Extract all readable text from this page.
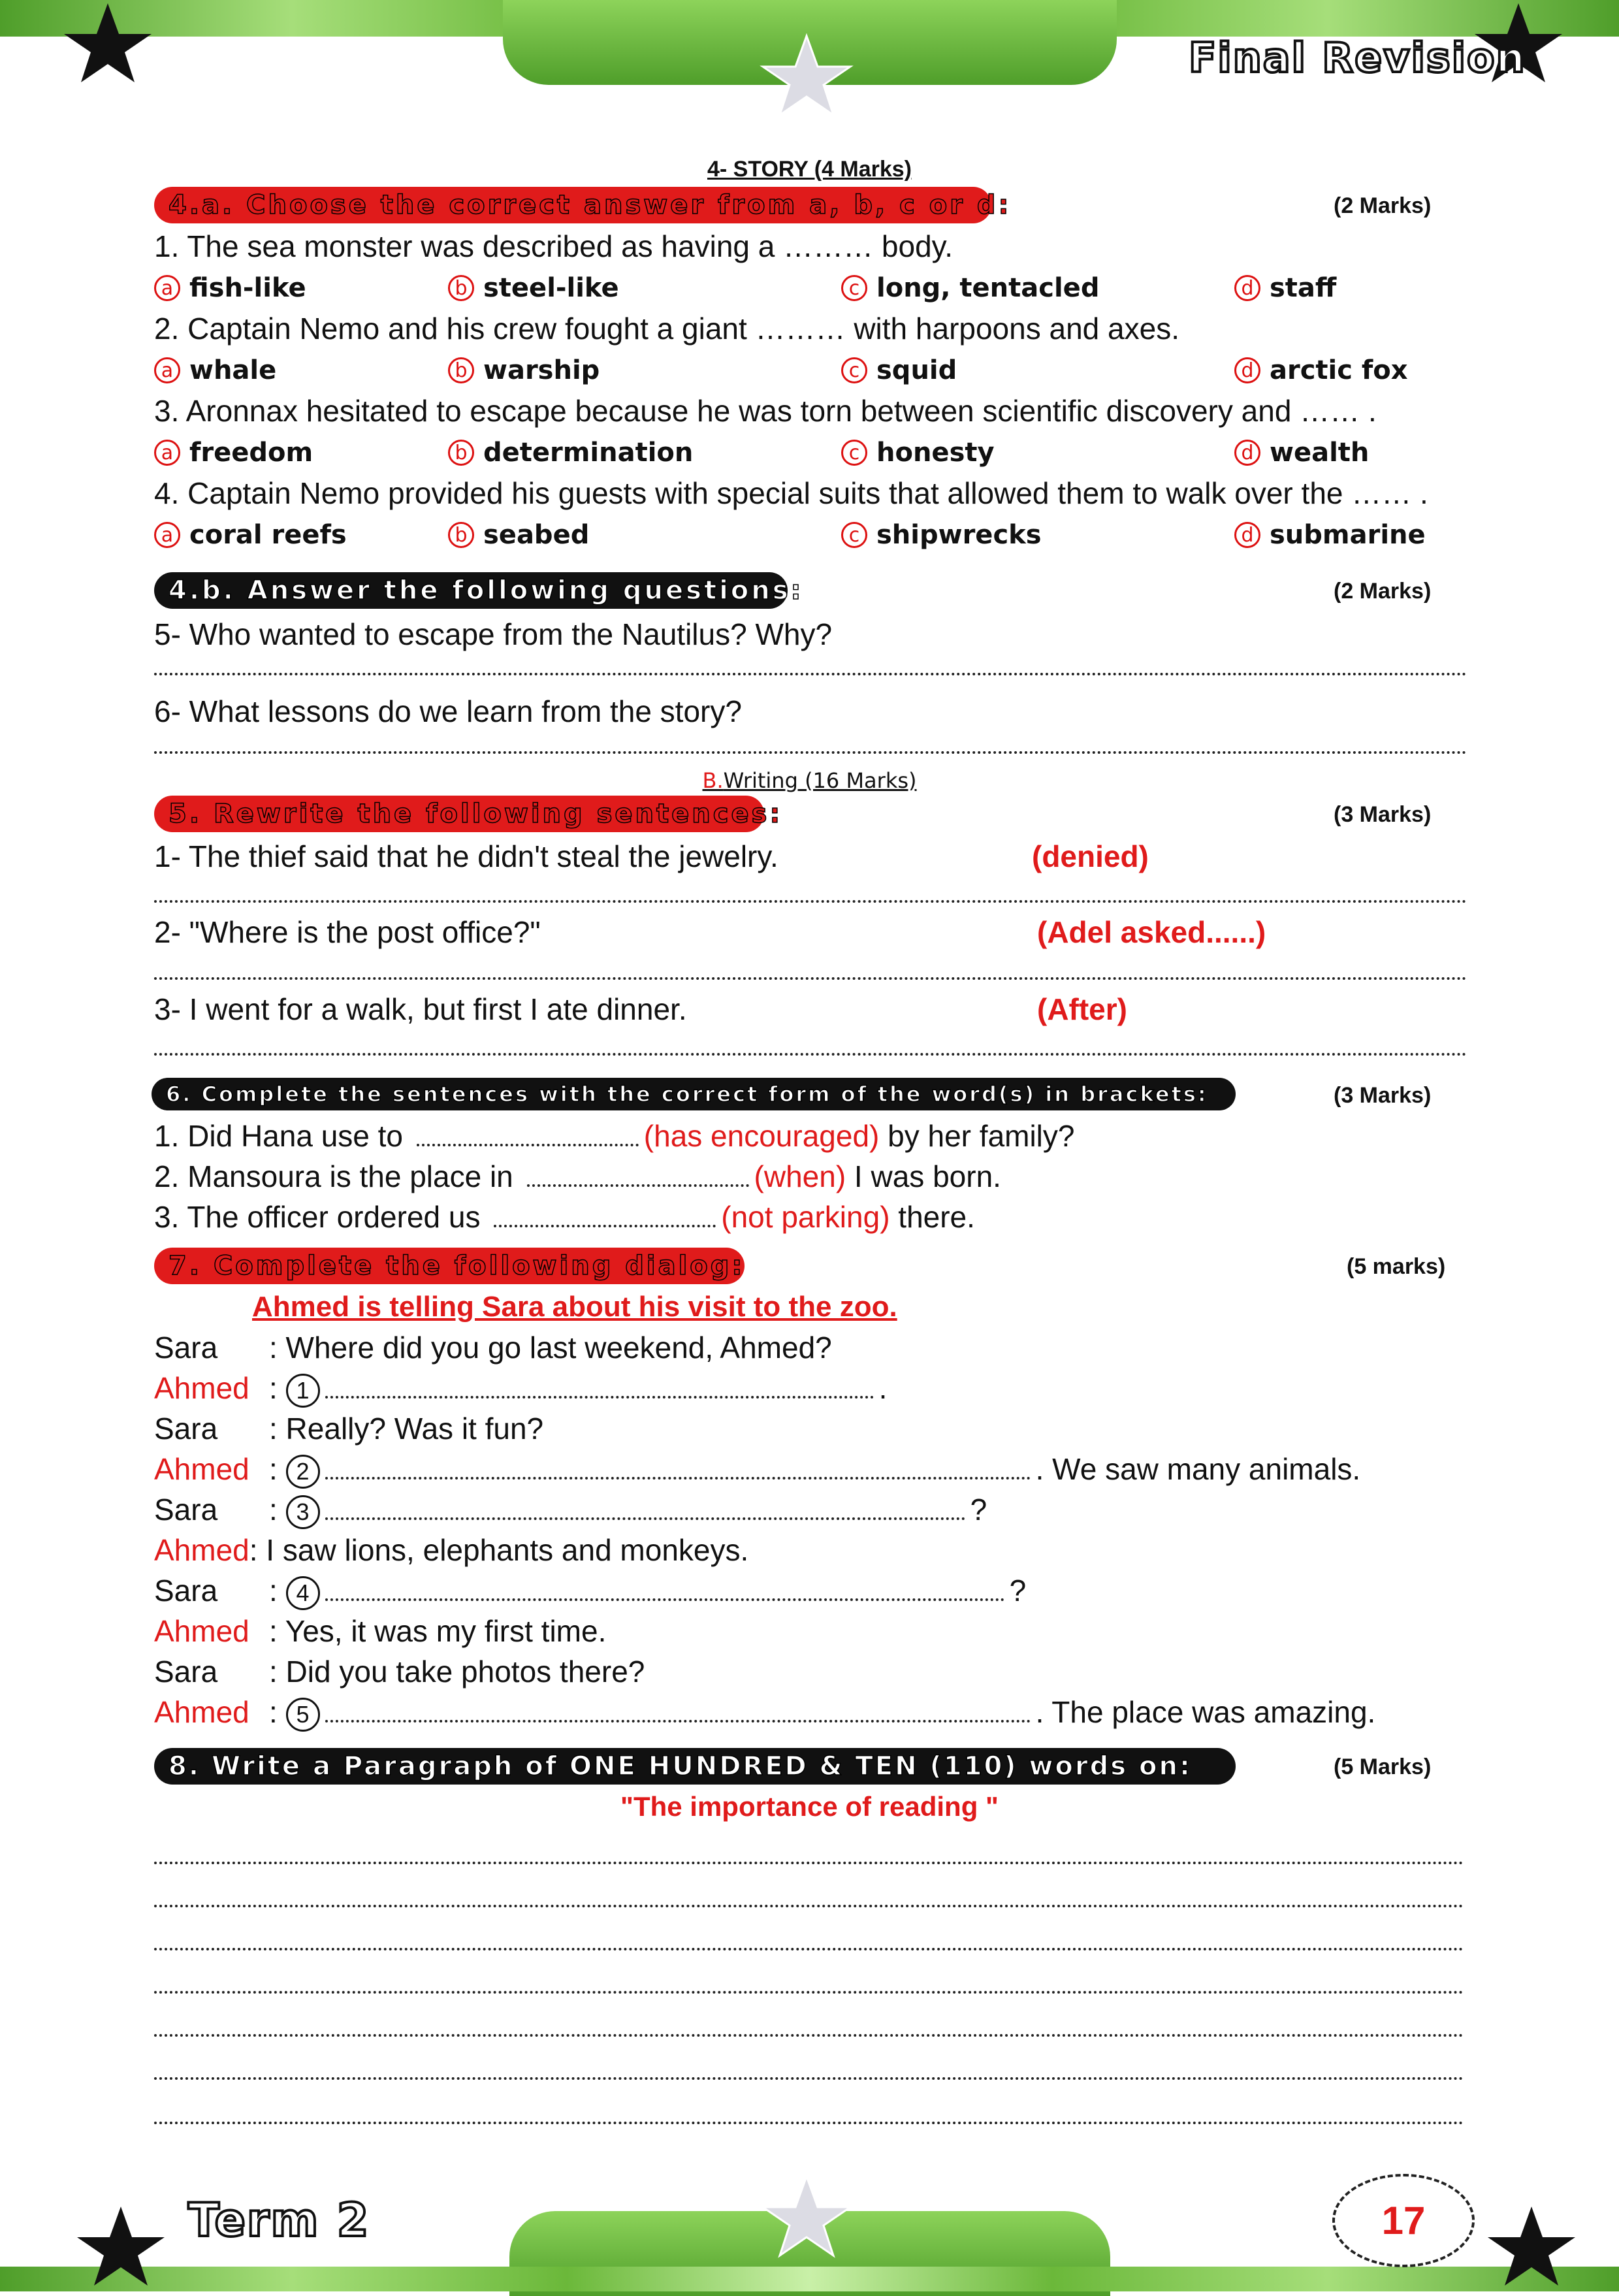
Final Revision
4- STORY (4 Marks)
4.a. Choose the correct answer from a, b, c or d:	(2 Marks)
1. The sea monster was described as having a ……… body.
a fish-like	b steel-like	c long, tentacled	d staff
2. Captain Nemo and his crew fought a giant ……… with harpoons and axes.
a whale	b warship	c squid	d arctic fox
3. Aronnax hesitated to escape because he was torn between scientific discovery and …… .
a freedom	b determination	c honesty	d wealth
4. Captain Nemo provided his guests with special suits that allowed them to walk over the …… .
a coral reefs	b seabed	c shipwrecks	d submarine
4.b. Answer the following questions:	(2 Marks)
5- Who wanted to escape from the Nautilus? Why?
6- What lessons do we learn from the story?
B.Writing (16 Marks)
5. Rewrite the following sentences:	(3 Marks)
1- The thief said that he didn't steal the jewelry.	(denied)
2- "Where is the post office?"	(Adel asked......)
3- I went for a walk, but first I ate dinner.	(After)
6. Complete the sentences with the correct form of the word(s) in brackets:	(3 Marks)
1. Did Hana use to	(has encouraged) by her family?
2. Mansoura is the place in	(when) I was born.
3. The officer ordered us	(not parking) there.
7. Complete the following dialog:	(5 marks)
Ahmed is telling Sara about his visit to the zoo.
Sara : Where did you go last weekend, Ahmed?
Ahmed : 1	.
Sara : Really? Was it fun?
Ahmed : 2	. We saw many animals.
Sara : 3	?
Ahmed: I saw lions, elephants and monkeys.
Sara : 4	?
Ahmed : Yes, it was my first time.
Sara : Did you take photos there?
Ahmed : 5	. The place was amazing.
8. Write a Paragraph of ONE HUNDRED & TEN (110) words on:	(5 Marks)
"The importance of reading "
Term 2	17
